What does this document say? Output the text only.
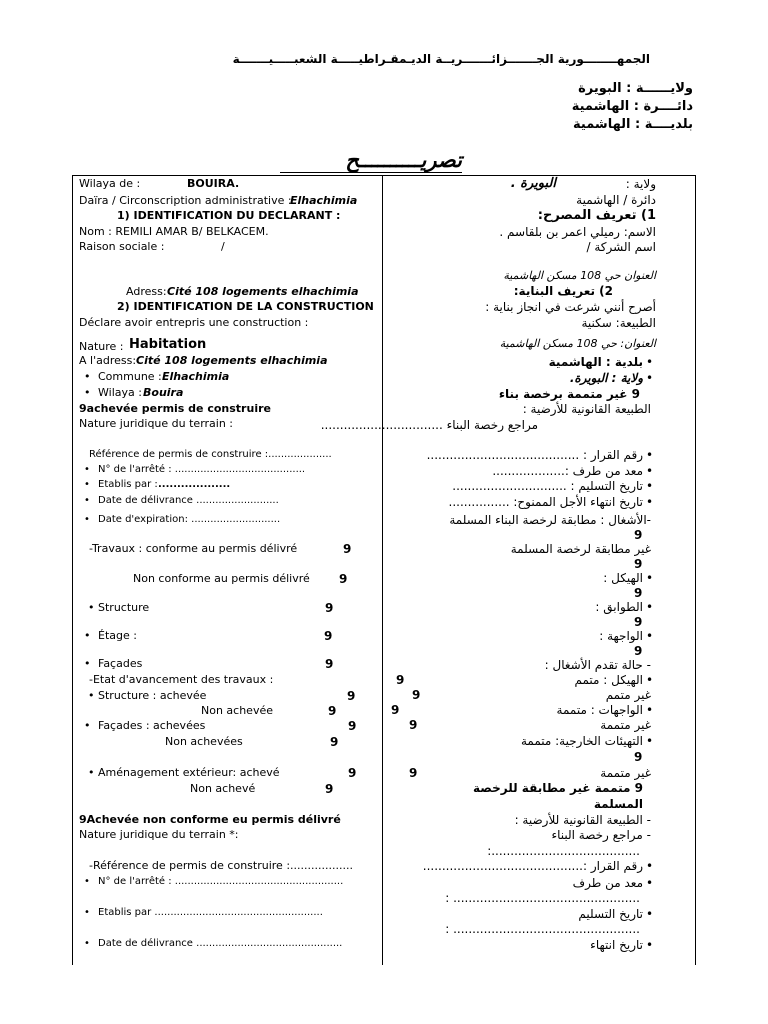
الجمهــــــــورية الجـــــــزائـــــــريــة الديـمقـراطيـــــة الشعبـــــيـــــــة
ولايــــــة : البويرة
دائــــرة : الهاشمية
بلديــــة : الهاشمية
تصريــــــــــح
Wilaya de :	BOUIRA.
Daïra / Circonscription administrative :
Elhachimia
1) IDENTIFICATION DU DECLARANT :
Nom : REMILI AMAR B/ BELKACEM.
Raison sociale :	/
Adress: Cité 108 logements elhachimia
2) IDENTIFICATION DE LA CONSTRUCTION
Déclare avoir entrepris une construction :
Nature : Habitation
A l'adress: Cité 108 logements elhachimia
• Commune : Elhachimia
• Wilaya : Bouira
9achevée permis de construire
Nature juridique du terrain :
Référence de permis de construire :....................
• N° de l'arrêté : .........................................
• Etablis par : ...................
• Date de délivrance ..........................
• Date d'expiration: ............................
-Travaux : conforme au permis délivré	9
Non conforme au permis délivré 9
• Structure	9
• Étage :	9
• Façades	9
-Etat d'avancement des travaux :
• Structure : achevée	9
Non achevée	9
• Façades : achevées	9
Non achevées	9
• Aménagement extérieur: achevé	9
Non achevé	9
9Achevée non conforme eu permis délivré
Nature juridique du terrain *:
-Référence de permis de construire :..................
• N° de l'arrêté : .....................................................
• Etablis par .....................................................
• Date de délivrance ..............................................
ولاية :
البويرة .
دائرة / الهاشمية
1) تعريف المصرح:
الاسم: رميلي اعمر بن بلقاسم .
اسم الشركة /
العنوان حي 108 مسكن الهاشمية
2) تعريف البناية:
أصرح أنني شرعت في انجاز بناية :
الطبيعة: سكنية
العنوان: حي 108 مسكن الهاشمية
بلدية : الهاشمية •
ولاية : البويرة. •
9 غير متممة برخصة بناء
الطبيعة القانونية للأرضية :
مراجع رخصة البناء ................................
رقم القرار : ........................................ •
معد من طرف :................... •
تاريخ التسليم : .............................. •
تاريخ انتهاء الأجل الممنوح: ................ •
-الأشغال : مطابقة لرخصة البناء المسلمة
9
غير مطابقة لرخصة المسلمة
9
الهيكل : •
9
الطوابق : •
9
الواجهة : •
9
- حالة تقدم الأشغال :
الهيكل : متمم •
9
غير متمم
9
الواجهات : متممة •
9
غير متممة
9
التهيئات الخارجية: متممة •
9
غير متممة
9
9 متممة غير مطابقة للرخصة
المسلمة
- الطبيعة القانونية للأرضية :
- مراجع رخصة البناء
.......................................:
رقم القرار :.......................................... •
معد من طرف •
................................................. :
تاريخ التسليم •
................................................. :
تاريخ انتهاء •
